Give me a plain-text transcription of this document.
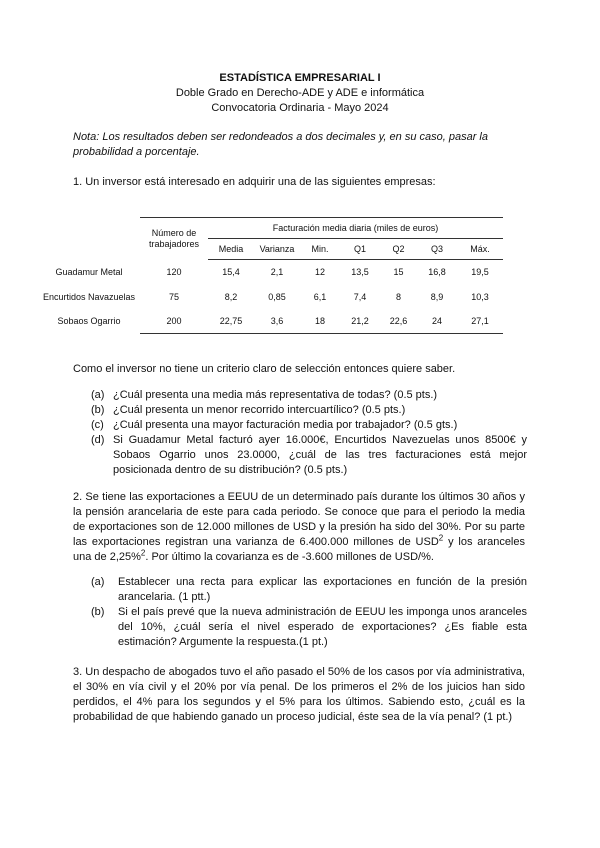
ESTADÍSTICA EMPRESARIAL I
Doble Grado en Derecho-ADE y ADE e informática
Convocatoria Ordinaria - Mayo 2024
Nota: Los resultados deben ser redondeados a dos decimales y, en su caso, pasar la probabilidad a porcentaje.
1. Un inversor está interesado en adquirir una de las siguientes empresas:
	Número de trabajadores	Facturación media diaria (miles de euros)						
		Media	Varianza	Min.	Q1	Q2	Q3	Máx.
Guadamur Metal	120	15,4	2,1	12	13,5	15	16,8	19,5
Encurtidos Navazuelas	75	8,2	0,85	6,1	7,4	8	8,9	10,3
Sobaos Ogarrio	200	22,75	3,6	18	21,2	22,6	24	27,1
Como el inversor no tiene un criterio claro de selección entonces quiere saber.
(a) ¿Cuál presenta una media más representativa de todas? (0.5 pts.)
(b) ¿Cuál presenta un menor recorrido intercuartílico? (0.5 pts.)
(c) ¿Cuál presenta una mayor facturación media por trabajador? (0.5 gts.)
(d) Si Guadamur Metal facturó ayer 16.000€, Encurtidos Navezuelas unos 8500€ y Sobaos Ogarrio unos 23.0000, ¿cuál de las tres facturaciones está mejor posicionada dentro de su distribución? (0.5 pts.)
2. Se tiene las exportaciones a EEUU de un determinado país durante los últimos 30 años y la pensión arancelaria de este para cada periodo. Se conoce que para el periodo la media de exportaciones son de 12.000 millones de USD y la presión ha sido del 30%. Por su parte las exportaciones registran una varianza de 6.400.000 millones de USD$^2$ y los aranceles una de 2,25%$^2$. Por último la covarianza es de -3.600 millones de USD/%.
(a) Establecer una recta para explicar las exportaciones en función de la presión arancelaria. (1 ptt.)
(b) Si el país prevé que la nueva administración de EEUU les imponga unos aranceles del 10%, ¿cuál sería el nivel esperado de exportaciones? ¿Es fiable esta estimación? Argumente la respuesta.(1 pt.)
3. Un despacho de abogados tuvo el año pasado el 50% de los casos por vía administrativa, el 30% en vía civil y el 20% por vía penal. De los primeros el 2% de los juicios han sido perdidos, el 4% para los segundos y el 5% para los últimos. Sabiendo esto, ¿cuál es la probabilidad de que habiendo ganado un proceso judicial, éste sea de la vía penal? (1 pt.)
